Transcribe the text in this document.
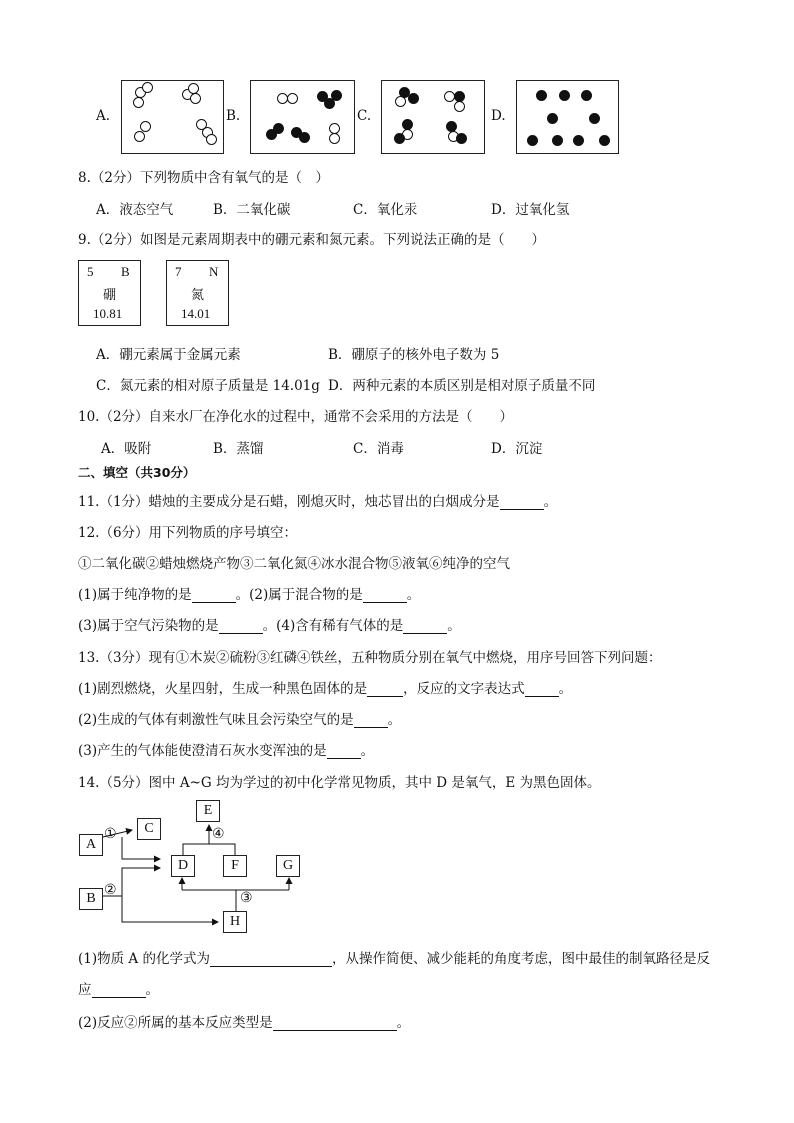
A.	B.	C.	D.
8.（2分）下列物质中含有氧气的是（　）
A．液态空气	B．二氧化碳	C．氧化汞	D．过氧化氢
9.（2分）如图是元素周期表中的硼元素和氮元素。下列说法正确的是（　　）
5 B
硼
10.81
7 N
氮
14.01
A．硼元素属于金属元素	B．硼原子的核外电子数为 5
C．氮元素的相对原子质量是 14.01g D．两种元素的本质区别是相对原子质量不同
10.（2分）自来水厂在净化水的过程中，通常不会采用的方法是（　　）
A．吸附	B．蒸馏	C．消毒	D．沉淀
二、填空（共30分）
11.（1分）蜡烛的主要成分是石蜡，刚熄灭时，烛芯冒出的白烟成分是	。
12.（6分）用下列物质的序号填空：
①二氧化碳②蜡烛燃烧产物③二氧化氮④冰水混合物⑤液氧⑥纯净的空气
(1)属于纯净物的是	。(2)属于混合物的是	。
(3)属于空气污染物的是	。(4)含有稀有气体的是	。
13.（3分）现有①木炭②硫粉③红磷④铁丝，五种物质分别在氧气中燃烧，用序号回答下列问题：
(1)剧烈燃烧，火星四射，生成一种黑色固体的是	，反应的文字表达式	。
(2)生成的气体有刺激性气味且会污染空气的是	。
(3)产生的气体能使澄清石灰水变浑浊的是	。
14.（5分）图中 A~G 均为学过的初中化学常见物质，其中 D 是氧气，E 为黑色固体。
A
B
C
D
E
F	G
H
①
②	③
④
(1)物质 A 的化学式为	，从操作简便、减少能耗的角度考虑，图中最佳的制氧路径是反
应	。
(2)反应②所属的基本反应类型是	。
